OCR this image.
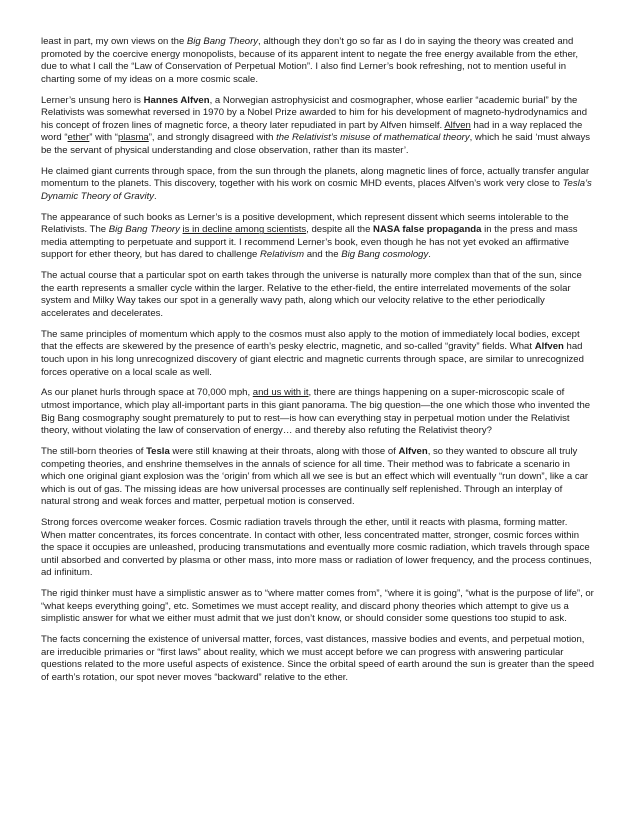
least in part, my own views on the Big Bang Theory, although they don’t go so far as I do in saying the theory was created and promoted by the coercive energy monopolists, because of its apparent intent to negate the free energy available from the ether, due to what I call the “Law of Conservation of Perpetual Motion”. I also find Lerner’s book refreshing, not to mention useful in charting some of my ideas on a more cosmic scale.

Lerner’s unsung hero is Hannes Alfven, a Norwegian astrophysicist and cosmographer, whose earlier “academic burial” by the Relativists was somewhat reversed in 1970 by a Nobel Prize awarded to him for his development of magneto-hydrodynamics and his concept of frozen lines of magnetic force, a theory later repudiated in part by Alfven himself. Alfven had in a way replaced the word “ether” with “plasma”, and strongly disagreed with the Relativist’s misuse of mathematical theory, which he said ‘must always be the servant of physical understanding and close observation, rather than its master’.

He claimed giant currents through space, from the sun through the planets, along magnetic lines of force, actually transfer angular momentum to the planets. This discovery, together with his work on cosmic MHD events, places Alfven’s work very close to Tesla’s Dynamic Theory of Gravity.

The appearance of such books as Lerner’s is a positive development, which represent dissent which seems intolerable to the Relativists. The Big Bang Theory is in decline among scientists, despite all the NASA false propaganda in the press and mass media attempting to perpetuate and support it. I recommend Lerner’s book, even though he has not yet evoked an affirmative support for ether theory, but has dared to challenge Relativism and the Big Bang cosmology.

The actual course that a particular spot on earth takes through the universe is naturally more complex than that of the sun, since the earth represents a smaller cycle within the larger. Relative to the ether-field, the entire interrelated movements of the solar system and Milky Way takes our spot in a generally wavy path, along which our velocity relative to the ether periodically accelerates and decelerates.

The same principles of momentum which apply to the cosmos must also apply to the motion of immediately local bodies, except that the effects are skewered by the presence of earth’s pesky electric, magnetic, and so-called “gravity” fields. What Alfven had touch upon in his long unrecognized discovery of giant electric and magnetic currents through space, are similar to unrecognized forces operative on a local scale as well.

As our planet hurls through space at 70,000 mph, and us with it, there are things happening on a super-microscopic scale of utmost importance, which play all-important parts in this giant panorama. The big question—the one which those who invented the Big Bang cosmography sought prematurely to put to rest—is how can everything stay in perpetual motion under the Relativist theory, without violating the law of conservation of energy… and thereby also refuting the Relativist theory?

The still-born theories of Tesla were still knawing at their throats, along with those of Alfven, so they wanted to obscure all truly competing theories, and enshrine themselves in the annals of science for all time. Their method was to fabricate a scenario in which one original giant explosion was the ‘origin’ from which all we see is but an effect which will eventually “run down”, like a car which is out of gas. The missing ideas are how universal processes are continually self replenished. Through an interplay of natural strong and weak forces and matter, perpetual motion is conserved.

Strong forces overcome weaker forces. Cosmic radiation travels through the ether, until it reacts with plasma, forming matter. When matter concentrates, its forces concentrate. In contact with other, less concentrated matter, stronger, cosmic forces within the space it occupies are unleashed, producing transmutations and eventually more cosmic radiation, which travels through space until absorbed and converted by plasma or other mass, into more mass or radiation of lower frequency, and the process continues, ad infinitum.

The rigid thinker must have a simplistic answer as to “where matter comes from”, “where it is going”, “what is the purpose of life”, or “what keeps everything going”, etc. Sometimes we must accept reality, and discard phony theories which attempt to give us a simplistic answer for what we either must admit that we just don’t know, or should consider some questions too stupid to ask.

The facts concerning the existence of universal matter, forces, vast distances, massive bodies and events, and perpetual motion, are irreducible primaries or “first laws” about reality, which we must accept before we can progress with answering particular questions related to the more useful aspects of existence. Since the orbital speed of earth around the sun is greater than the speed of earth’s rotation, our spot never moves “backward” relative to the ether.
